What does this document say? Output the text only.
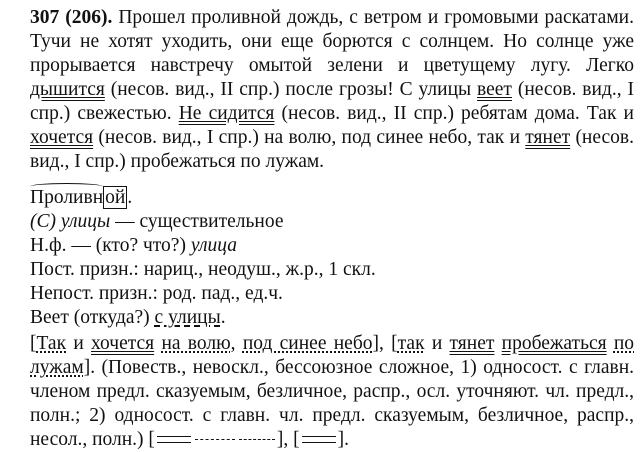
307 (206). Прошел проливной дождь, с ветром и громовыми раскатами. Тучи не хотят уходить, они еще борются с солнцем. Но солнце уже прорывается навстречу омытой зелени и цветущему лугу. Легко дышится (несов. вид., II спр.) после грозы! С улицы веет (несов. вид., I спр.) свежестью. Не сидится (несов. вид., II спр.) ребятам дома. Так и хочется (несов. вид., I спр.) на волю, под синее небо, так и тянет (несов. вид., I спр.) пробежаться по лужам.

Проливн ой .
(С) улицы — существительное
Н.ф. — (кто? что?) улица
Пост. призн.: нариц., неодуш., ж.р., 1 скл.
Непост. призн.: род. пад., ед.ч.
Веет (откуда?) с улицы.

[Так и хочется на волю, под синее небо], [так и тянет пробежаться по лужам]. (Повеств., невоскл., бессоюзное сложное, 1) односост. с главн. членом предл. сказуемым, безличное, распр., осл. уточняют. чл. предл., полн.; 2) односост. с главн. чл. предл. сказуемым, безличное, распр., несол., полн.) [	], [ ].
